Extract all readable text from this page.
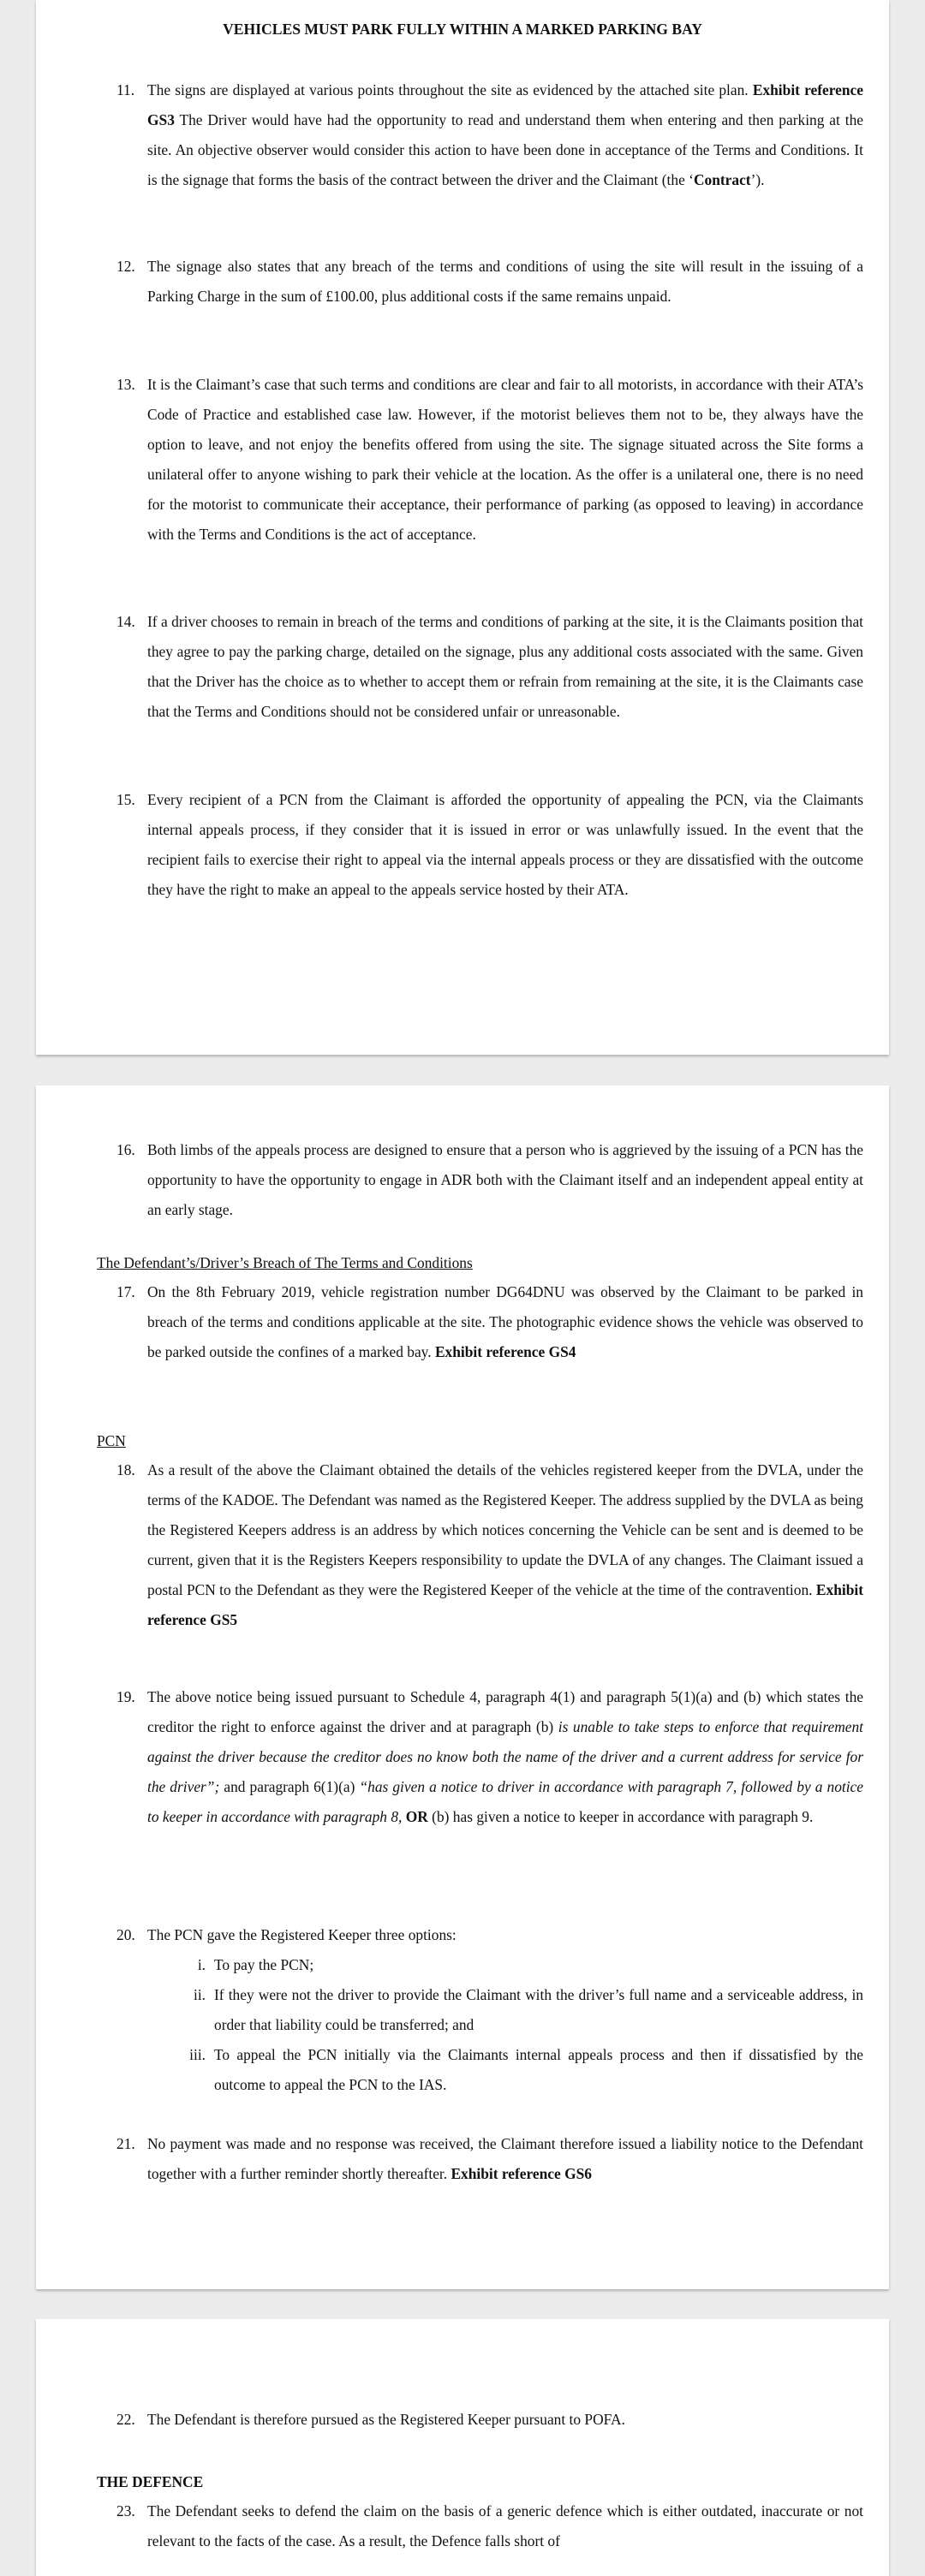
VEHICLES MUST PARK FULLY WITHIN A MARKED PARKING BAY
11. The signs are displayed at various points throughout the site as evidenced by the attached site plan. Exhibit reference GS3 The Driver would have had the opportunity to read and understand them when entering and then parking at the site. An objective observer would consider this action to have been done in acceptance of the Terms and Conditions. It is the signage that forms the basis of the contract between the driver and the Claimant (the ‘Contract’).

12. The signage also states that any breach of the terms and conditions of using the site will result in the issuing of a Parking Charge in the sum of £100.00, plus additional costs if the same remains unpaid.

13. It is the Claimant’s case that such terms and conditions are clear and fair to all motorists, in accordance with their ATA’s Code of Practice and established case law. However, if the motorist believes them not to be, they always have the option to leave, and not enjoy the benefits offered from using the site. The signage situated across the Site forms a unilateral offer to anyone wishing to park their vehicle at the location. As the offer is a unilateral one, there is no need for the motorist to communicate their acceptance, their performance of parking (as opposed to leaving) in accordance with the Terms and Conditions is the act of acceptance.

14. If a driver chooses to remain in breach of the terms and conditions of parking at the site, it is the Claimants position that they agree to pay the parking charge, detailed on the signage, plus any additional costs associated with the same. Given that the Driver has the choice as to whether to accept them or refrain from remaining at the site, it is the Claimants case that the Terms and Conditions should not be considered unfair or unreasonable.

15. Every recipient of a PCN from the Claimant is afforded the opportunity of appealing the PCN, via the Claimants internal appeals process, if they consider that it is issued in error or was unlawfully issued. In the event that the recipient fails to exercise their right to appeal via the internal appeals process or they are dissatisfied with the outcome they have the right to make an appeal to the appeals service hosted by their ATA.

16. Both limbs of the appeals process are designed to ensure that a person who is aggrieved by the issuing of a PCN has the opportunity to have the opportunity to engage in ADR both with the Claimant itself and an independent appeal entity at an early stage.

The Defendant’s/Driver’s Breach of The Terms and Conditions
17. On the 8th February 2019, vehicle registration number DG64DNU was observed by the Claimant to be parked in breach of the terms and conditions applicable at the site. The photographic evidence shows the vehicle was observed to be parked outside the confines of a marked bay. Exhibit reference GS4

PCN
18. As a result of the above the Claimant obtained the details of the vehicles registered keeper from the DVLA, under the terms of the KADOE. The Defendant was named as the Registered Keeper. The address supplied by the DVLA as being the Registered Keepers address is an address by which notices concerning the Vehicle can be sent and is deemed to be current, given that it is the Registers Keepers responsibility to update the DVLA of any changes. The Claimant issued a postal PCN to the Defendant as they were the Registered Keeper of the vehicle at the time of the contravention. Exhibit reference GS5

19. The above notice being issued pursuant to Schedule 4, paragraph 4(1) and paragraph 5(1)(a) and (b) which states the creditor the right to enforce against the driver and at paragraph (b) is unable to take steps to enforce that requirement against the driver because the creditor does no know both the name of the driver and a current address for service for the driver”; and paragraph 6(1)(a) “has given a notice to driver in accordance with paragraph 7, followed by a notice to keeper in accordance with paragraph 8, OR (b) has given a notice to keeper in accordance with paragraph 9.

20. The PCN gave the Registered Keeper three options:

i. To pay the PCN;
ii. If they were not the driver to provide the Claimant with the driver’s full name and a serviceable address, in order that liability could be transferred; and
iii. To appeal the PCN initially via the Claimants internal appeals process and then if dissatisfied by the outcome to appeal the PCN to the IAS.
21. No payment was made and no response was received, the Claimant therefore issued a liability notice to the Defendant together with a further reminder shortly thereafter. Exhibit reference GS6

22. The Defendant is therefore pursued as the Registered Keeper pursuant to POFA.

THE DEFENCE
23. The Defendant seeks to defend the claim on the basis of a generic defence which is either outdated, inaccurate or not relevant to the facts of the case. As a result, the Defence falls short of
